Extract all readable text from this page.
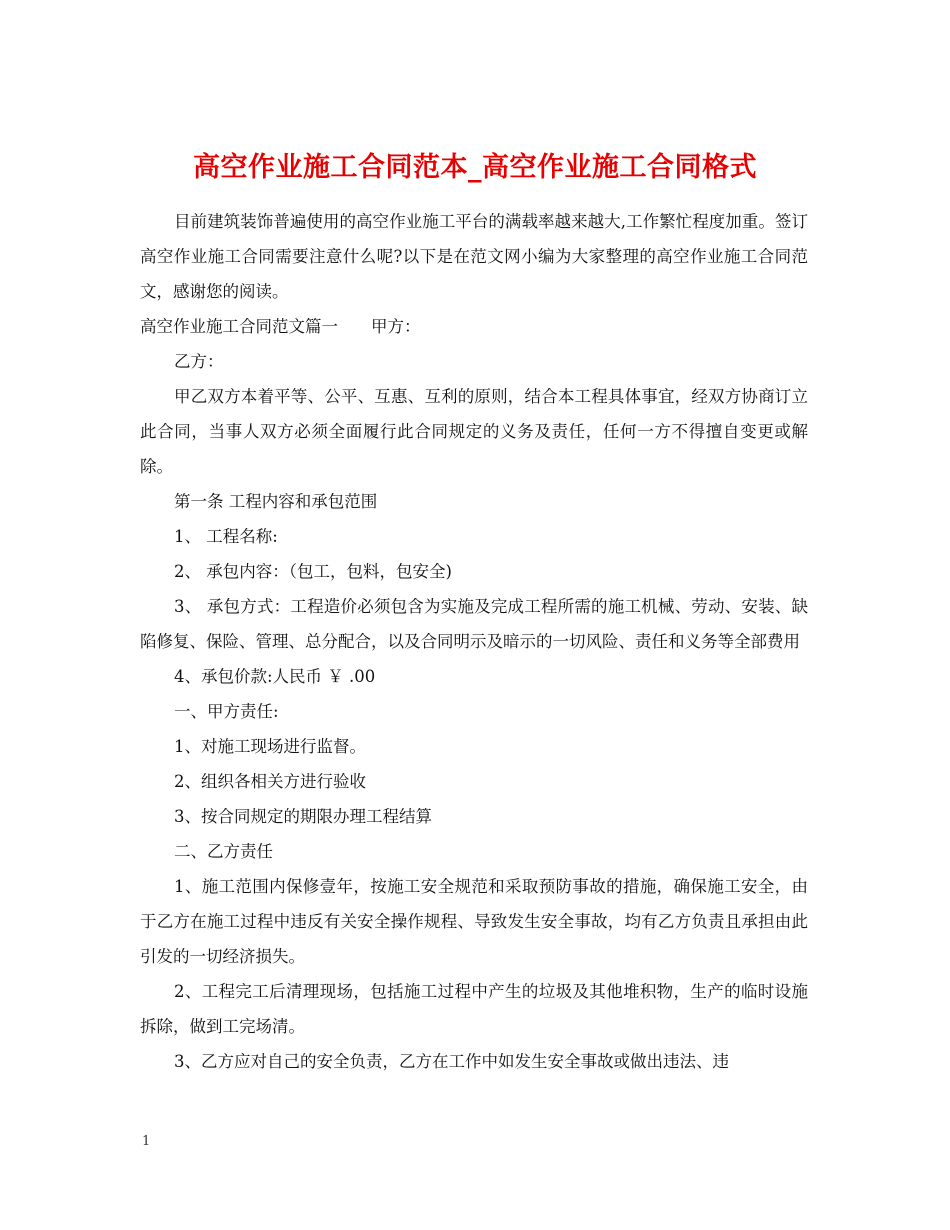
高空作业施工合同范本_高空作业施工合同格式

目前建筑装饰普遍使用的高空作业施工平台的满载率越来越大,工作繁忙程度加重。签订高空作业施工合同需要注意什么呢?以下是在范文网小编为大家整理的高空作业施工合同范文，感谢您的阅读。

高空作业施工合同范文篇一　　甲方：

乙方：

甲乙双方本着平等、公平、互惠、互利的原则，结合本工程具体事宜，经双方协商订立此合同，当事人双方必须全面履行此合同规定的义务及责任，任何一方不得擅自变更或解除。

第一条 工程内容和承包范围

1、 工程名称:

2、 承包内容：（包工，包料，包安全)

3、 承包方式：工程造价必须包含为实施及完成工程所需的施工机械、劳动、安装、缺陷修复、保险、管理、总分配合，以及合同明示及暗示的一切风险、责任和义务等全部费用

4、承包价款:人民币 ￥ .00

一、甲方责任:

1、对施工现场进行监督。

2、组织各相关方进行验收

3、按合同规定的期限办理工程结算

二、乙方责任

1、施工范围内保修壹年，按施工安全规范和采取预防事故的措施，确保施工安全，由于乙方在施工过程中违反有关安全操作规程、导致发生安全事故，均有乙方负责且承担由此引发的一切经济损失。

2、工程完工后清理现场，包括施工过程中产生的垃圾及其他堆积物，生产的临时设施拆除，做到工完场清。

3、乙方应对自己的安全负责，乙方在工作中如发生安全事故或做出违法、违

1
